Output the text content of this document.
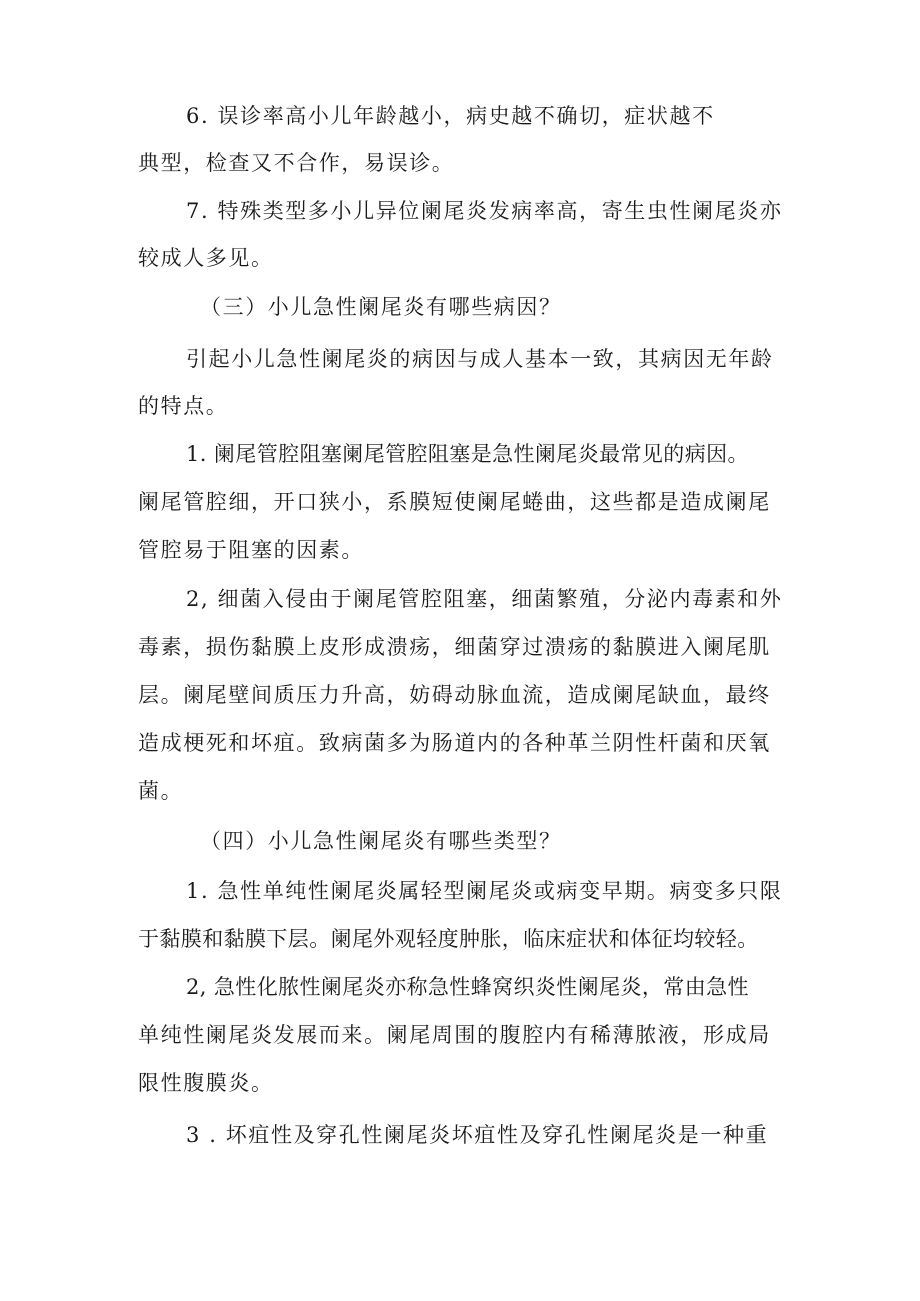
6. 误诊率高小儿年龄越小，病史越不确切，症状越不
典型，检查又不合作，易误诊。
7. 特殊类型多小儿异位阑尾炎发病率高，寄生虫性阑尾炎亦
较成人多见。
（三）小儿急性阑尾炎有哪些病因？
引起小儿急性阑尾炎的病因与成人基本一致，其病因无年龄
的特点。
1. 阑尾管腔阻塞阑尾管腔阻塞是急性阑尾炎最常见的病因。
阑尾管腔细，开口狭小，系膜短使阑尾蜷曲，这些都是造成阑尾
管腔易于阻塞的因素。
2, 细菌入侵由于阑尾管腔阻塞，细菌繁殖，分泌内毒素和外
毒素，损伤黏膜上皮形成溃疡，细菌穿过溃疡的黏膜进入阑尾肌
层。阑尾壁间质压力升高，妨碍动脉血流，造成阑尾缺血，最终
造成梗死和坏疽。致病菌多为肠道内的各种革兰阴性杆菌和厌氧
菌。
（四）小儿急性阑尾炎有哪些类型？
1. 急性单纯性阑尾炎属轻型阑尾炎或病变早期。病变多只限
于黏膜和黏膜下层。阑尾外观轻度肿胀，临床症状和体征均较轻。
2, 急性化脓性阑尾炎亦称急性蜂窝织炎性阑尾炎，常由急性
单纯性阑尾炎发展而来。阑尾周围的腹腔内有稀薄脓液，形成局
限性腹膜炎。
3 . 坏疽性及穿孔性阑尾炎坏疽性及穿孔性阑尾炎是一种重
